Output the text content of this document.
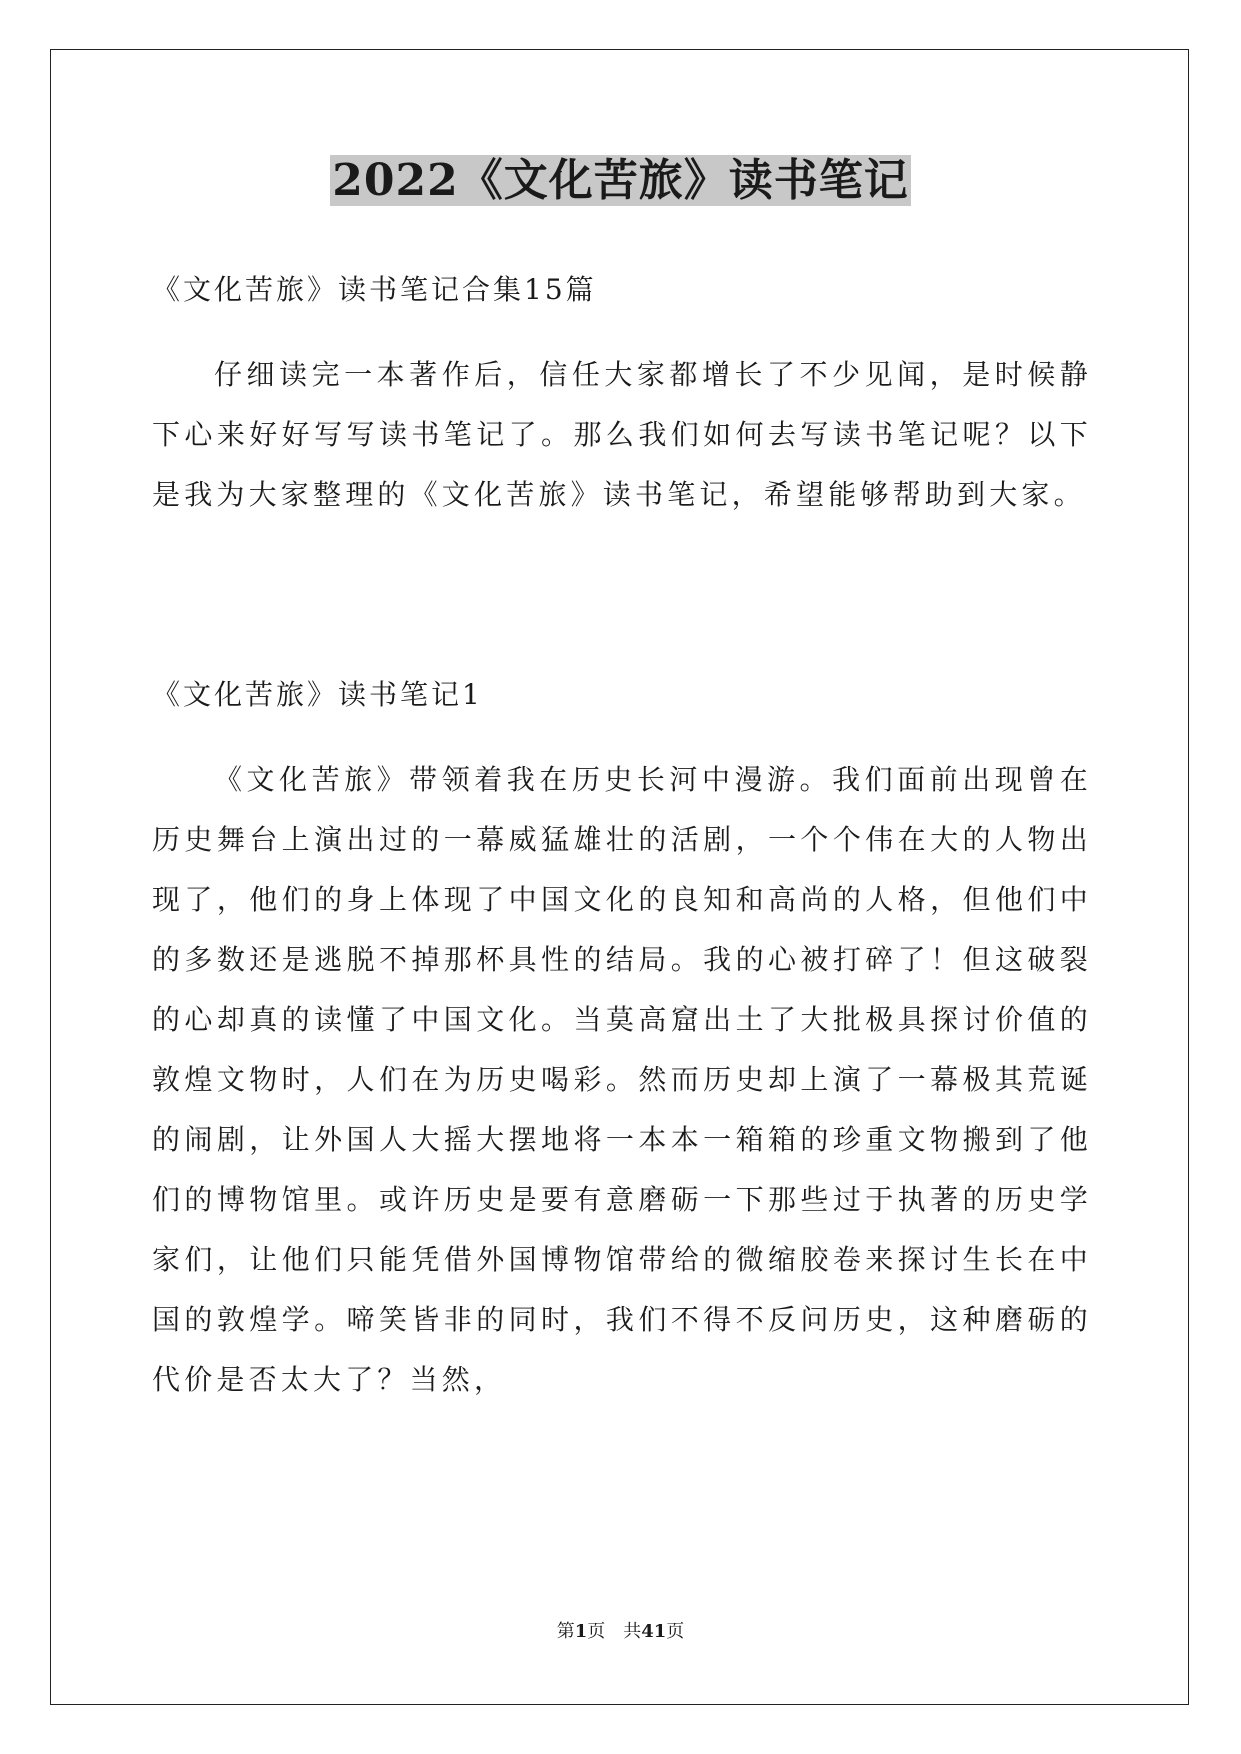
2022《文化苦旅》读书笔记
《文化苦旅》读书笔记合集15篇

仔细读完一本著作后，信任大家都增长了不少见闻，是时候静下心来好好写写读书笔记了。那么我们如何去写读书笔记呢？以下是我为大家整理的《文化苦旅》读书笔记，希望能够帮助到大家。

《文化苦旅》读书笔记1

《文化苦旅》带领着我在历史长河中漫游。我们面前出现曾在历史舞台上演出过的一幕威猛雄壮的活剧，一个个伟在大的人物出现了，他们的身上体现了中国文化的良知和高尚的人格，但他们中的多数还是逃脱不掉那杯具性的结局。我的心被打碎了！但这破裂的心却真的读懂了中国文化。当莫高窟出土了大批极具探讨价值的敦煌文物时，人们在为历史喝彩。然而历史却上演了一幕极其荒诞的闹剧，让外国人大摇大摆地将一本本一箱箱的珍重文物搬到了他们的博物馆里。或许历史是要有意磨砺一下那些过于执著的历史学家们，让他们只能凭借外国博物馆带给的微缩胶卷来探讨生长在中国的敦煌学。啼笑皆非的同时，我们不得不反问历史，这种磨砺的代价是否太大了？当然，

第1页　共41页
